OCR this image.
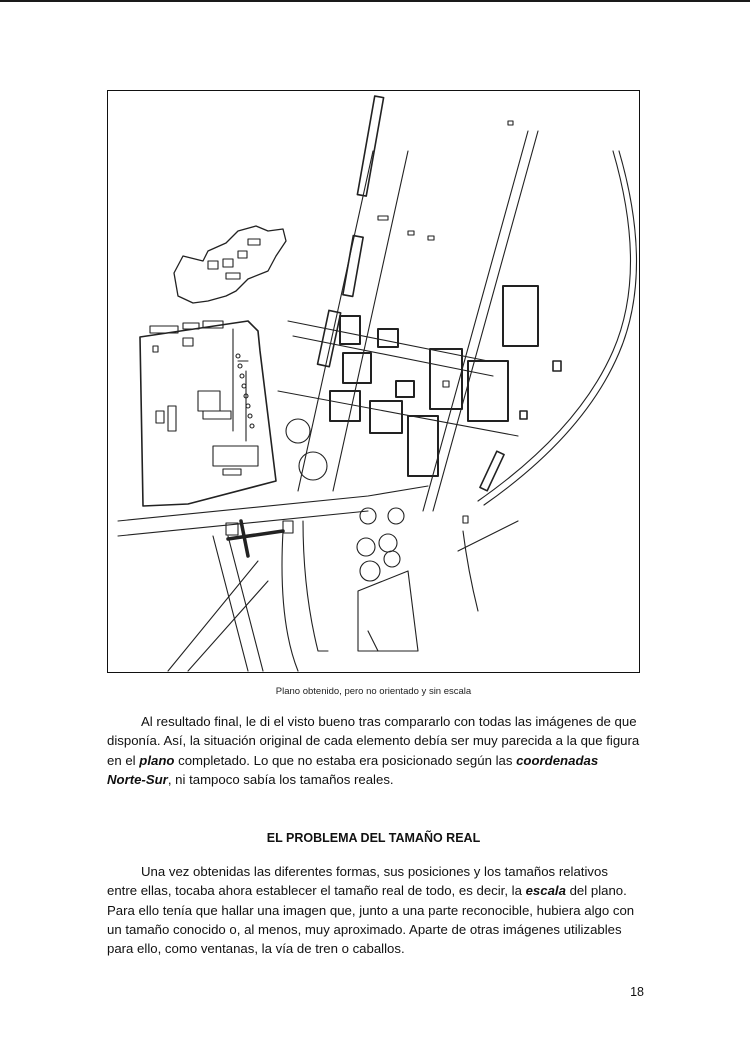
Plano obtenido, pero no orientado y sin escala

Al resultado final, le di el visto bueno tras compararlo con todas las imágenes de que disponía. Así, la situación original de cada elemento debía ser muy parecida a la que figura en el plano completado. Lo que no estaba era posicionado según las coordenadas Norte-Sur, ni tampoco sabía los tamaños reales.

EL PROBLEMA DEL TAMAÑO REAL

Una vez obtenidas las diferentes formas, sus posiciones y los tamaños relativos entre ellas, tocaba ahora establecer el tamaño real de todo, es decir, la escala del plano. Para ello tenía que hallar una imagen que, junto a una parte reconocible, hubiera algo con un tamaño conocido o, al menos, muy aproximado. Aparte de otras imágenes utilizables para ello, como ventanas, la vía de tren o caballos.

18
